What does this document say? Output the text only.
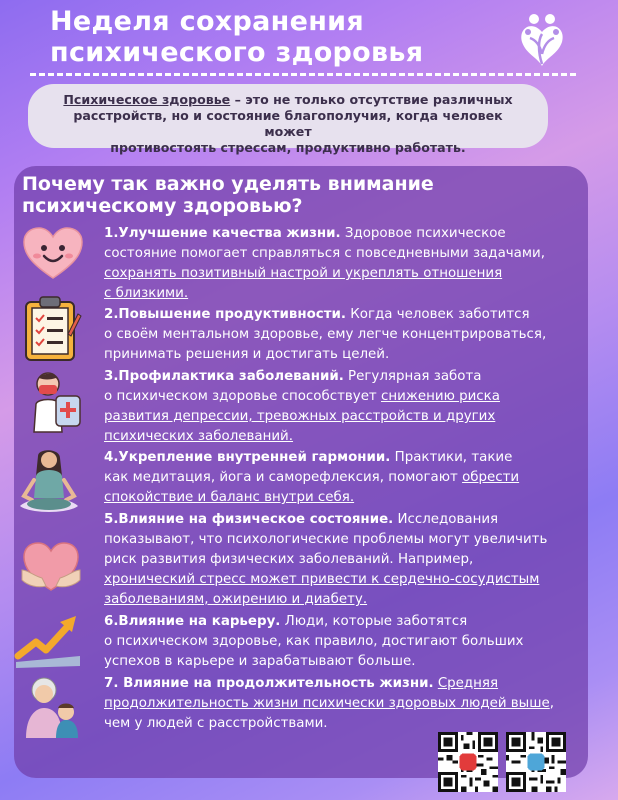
Неделя сохранения
психического здоровья
Психическое здоровье – это не только отсутствие различных
расстройств, но и состояние благополучия, когда человек может
противостоять стрессам, продуктивно работать.
Почему так важно уделять внимание
психическому здоровью?
1.Улучшение качества жизни. Здоровое психическое
состояние помогает справляться с повседневными задачами,
сохранять позитивный настрой и укреплять отношения
с близкими.
2.Повышение продуктивности. Когда человек заботится
о своём ментальном здоровье, ему легче концентрироваться,
принимать решения и достигать целей.
3.Профилактика заболеваний. Регулярная забота
о психическом здоровье способствует снижению риска
развития депрессии, тревожных расстройств и других
психических заболеваний.
4.Укрепление внутренней гармонии. Практики, такие
как медитация, йога и саморефлексия, помогают обрести
спокойствие и баланс внутри себя.
5.Влияние на физическое состояние. Исследования
показывают, что психологические проблемы могут увеличить
риск развития физических заболеваний. Например,
хронический стресс может привести к сердечно-сосудистым
заболеваниям, ожирению и диабету.
6.Влияние на карьеру. Люди, которые заботятся
о психическом здоровье, как правило, достигают больших
успехов в карьере и зарабатывают больше.
7. Влияние на продолжительность жизни. Средняя
продолжительность жизни психически здоровых людей выше,
чем у людей с расстройствами.
